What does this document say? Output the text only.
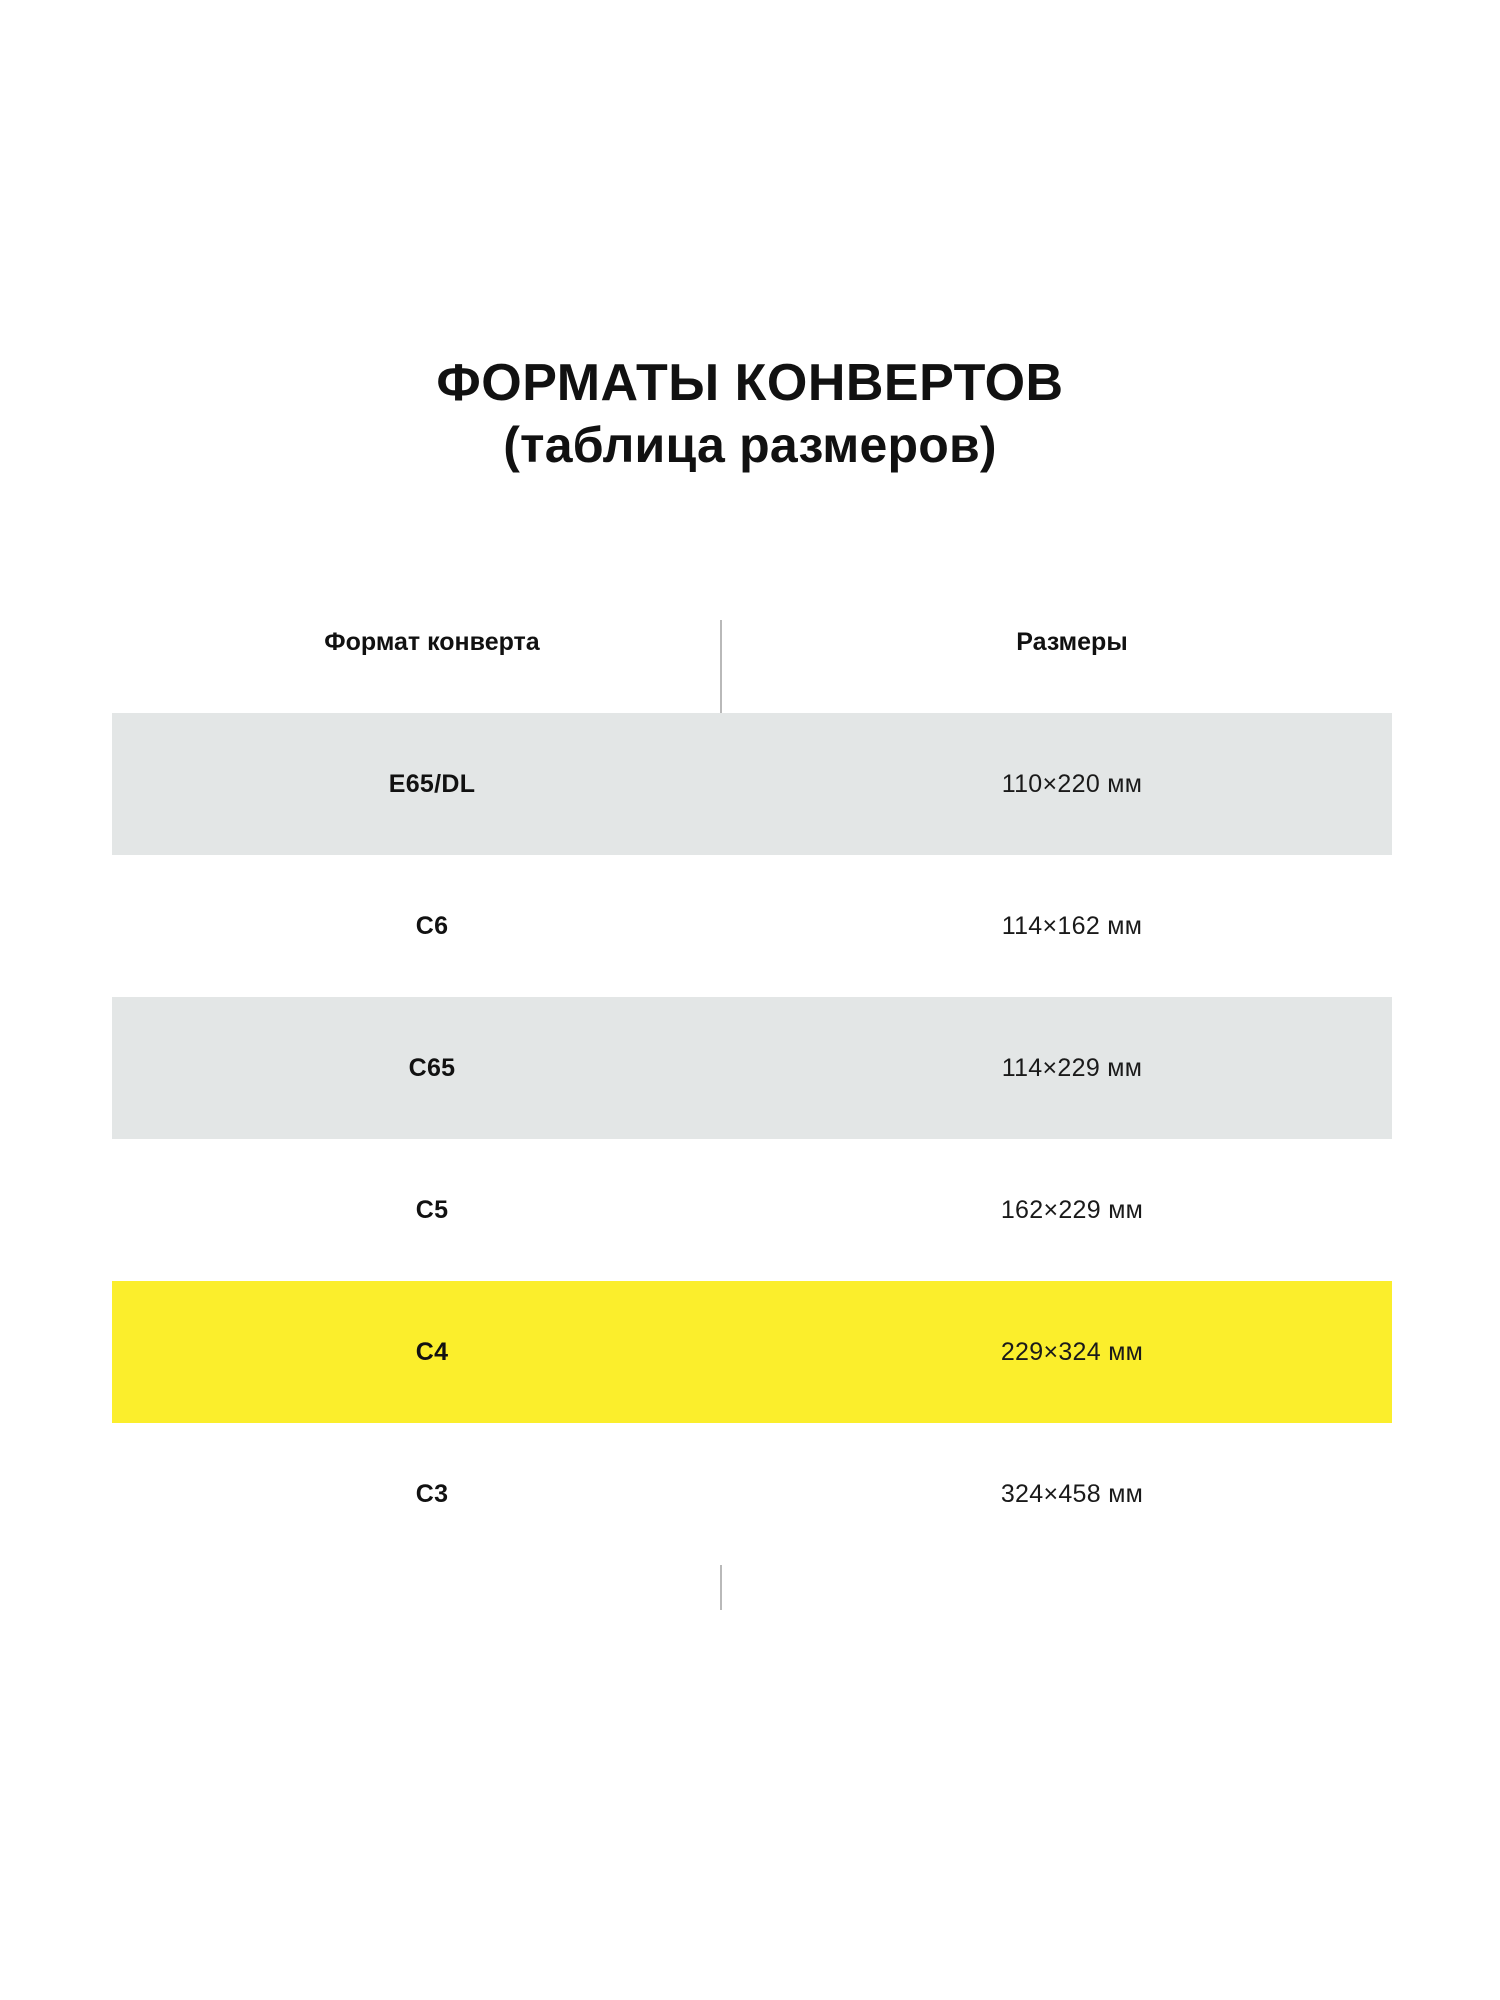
ФОРМАТЫ КОНВЕРТОВ
(таблица размеров)
Формат конверта	Размеры
E65/DL	110×220 мм
C6	114×162 мм
C65	114×229 мм
C5	162×229 мм
C4	229×324 мм
C3	324×458 мм
